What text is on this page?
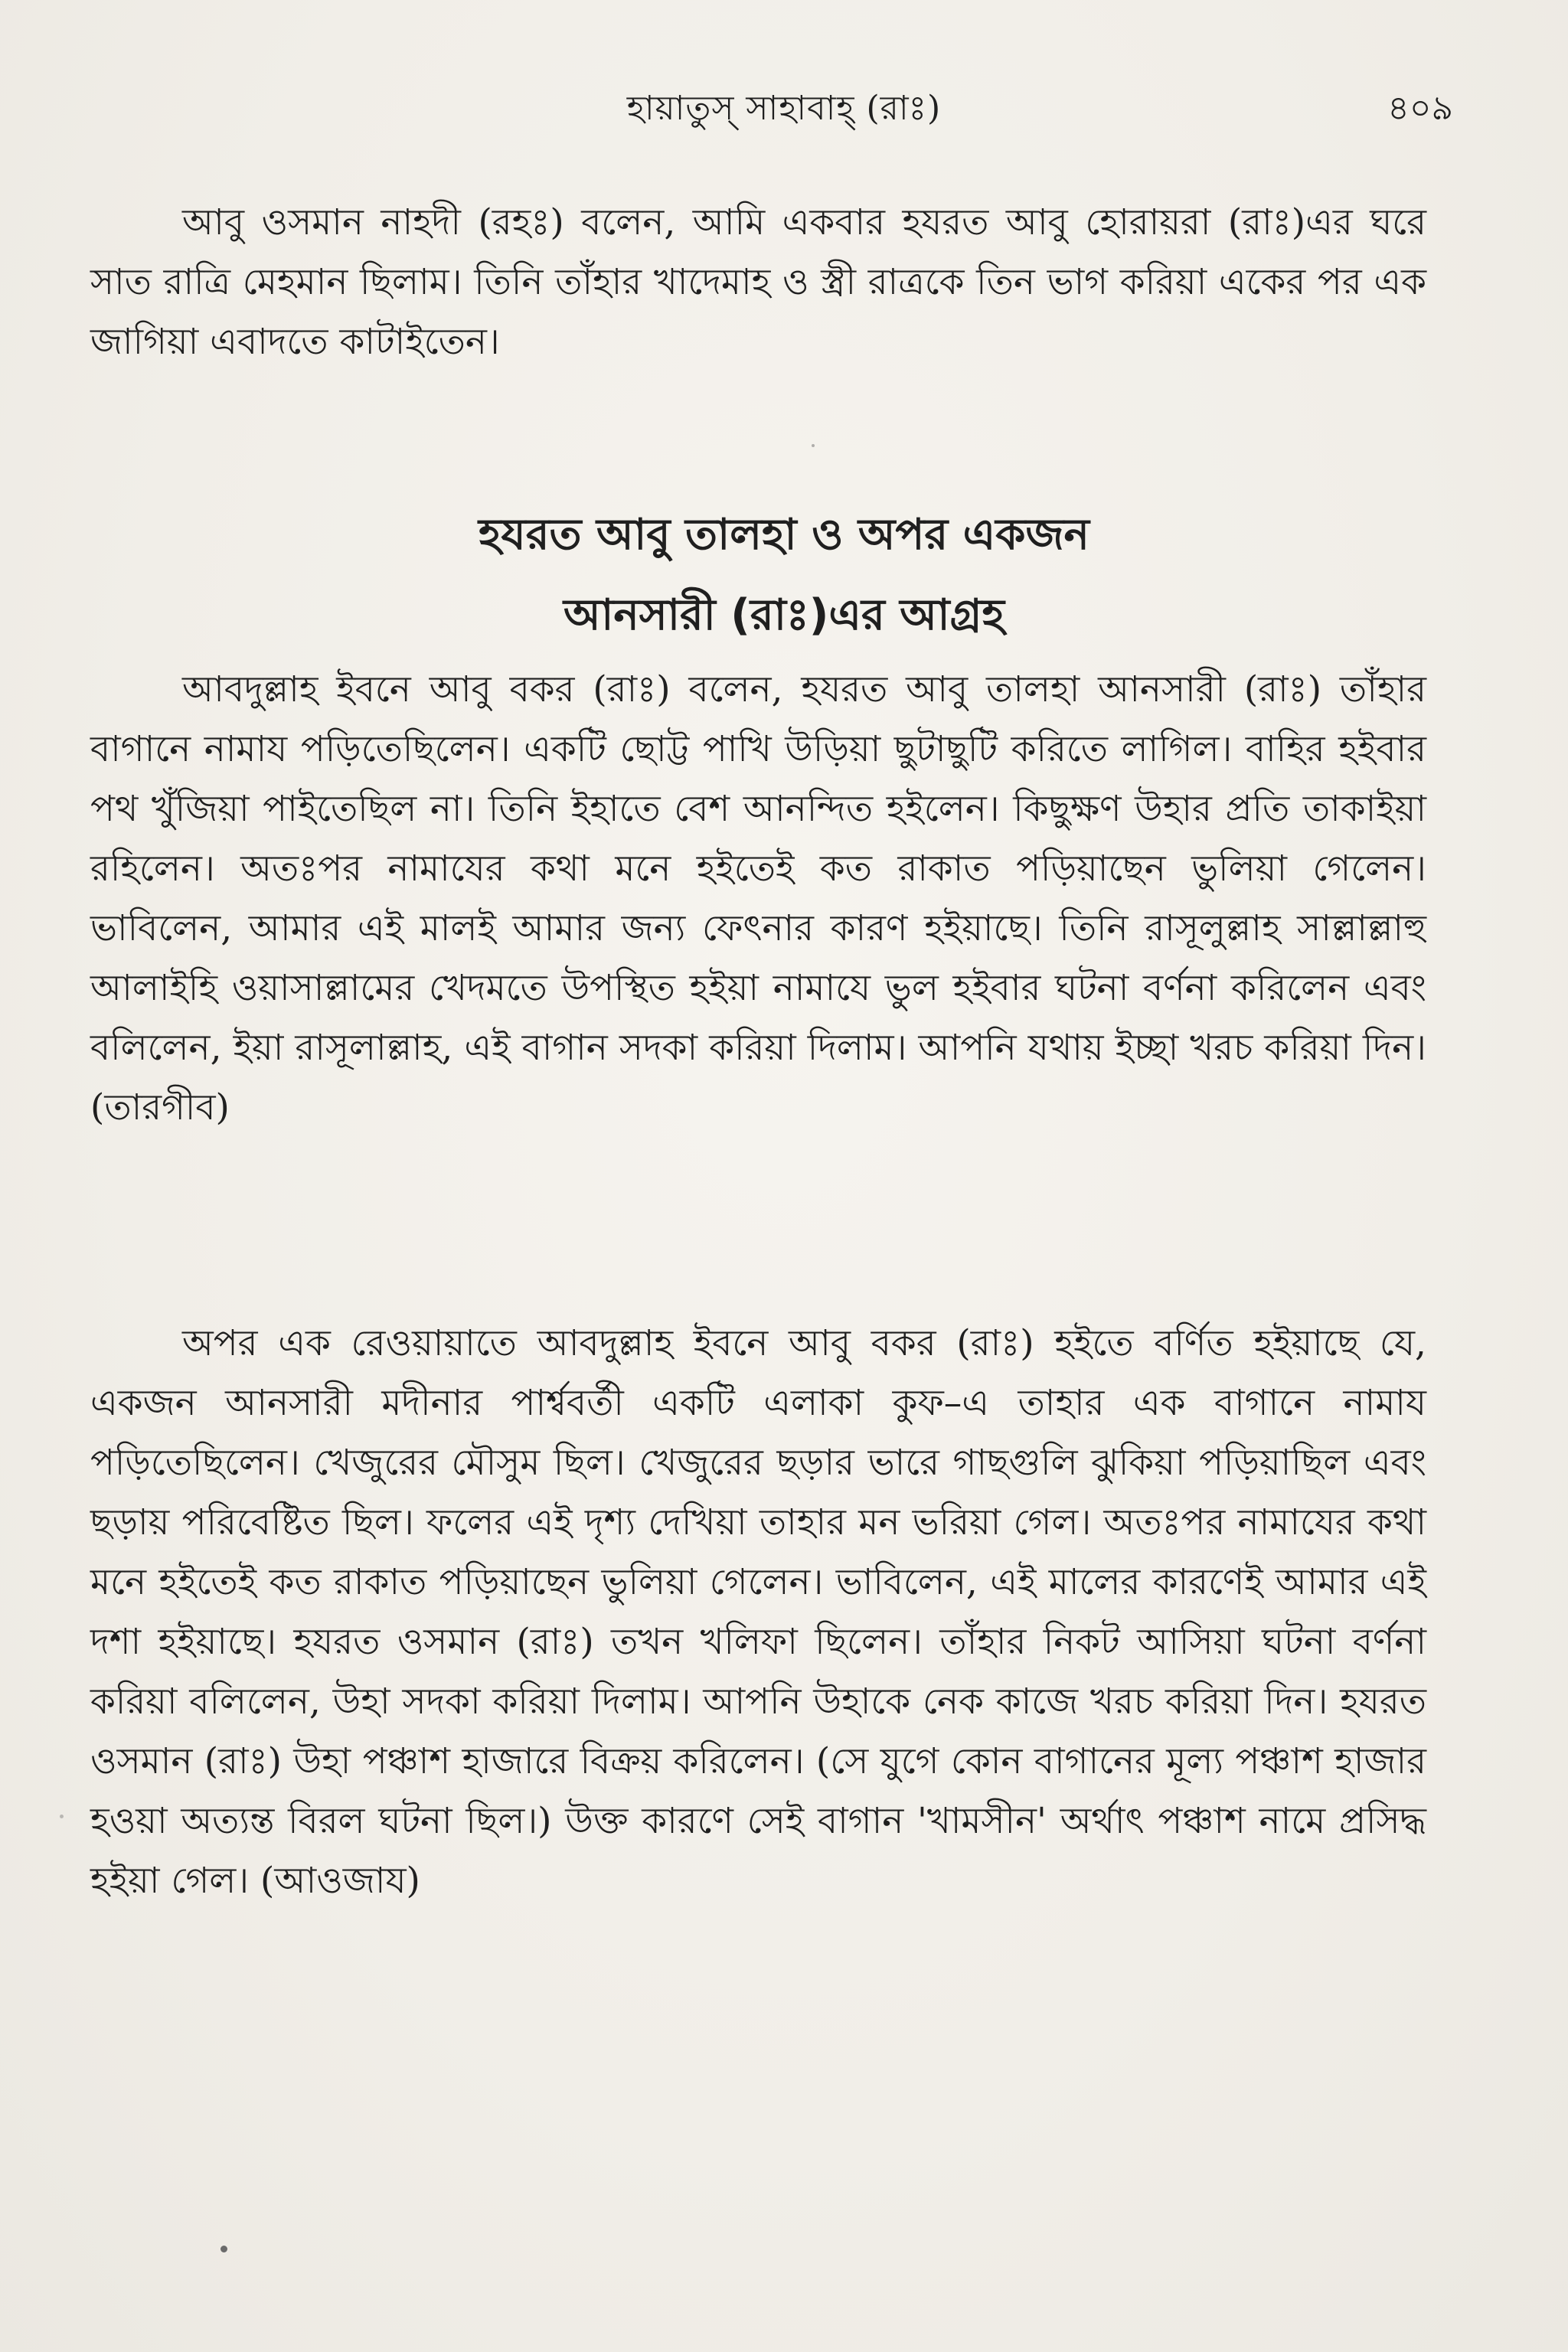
হায়াতুস্‌ সাহাবাহ্‌ (রাঃ)	৪০৯

আবু ওসমান নাহদী (রহঃ) বলেন, আমি একবার হযরত আবু হোরায়রা (রাঃ)এর ঘরে সাত রাত্রি মেহমান ছিলাম। তিনি তাঁহার খাদেমাহ ও স্ত্রী রাত্রকে তিন ভাগ করিয়া একের পর এক জাগিয়া এবাদতে কাটাইতেন।

হযরত আবু তালহা ও অপর একজন
আনসারী (রাঃ)এর আগ্রহ

আবদুল্লাহ ইবনে আবু বকর (রাঃ) বলেন, হযরত আবু তালহা আনসারী (রাঃ) তাঁহার বাগানে নামায পড়িতেছিলেন। একটি ছোট্ট পাখি উড়িয়া ছুটাছুটি করিতে লাগিল। বাহির হইবার পথ খুঁজিয়া পাইতেছিল না। তিনি ইহাতে বেশ আনন্দিত হইলেন। কিছুক্ষণ উহার প্রতি তাকাইয়া রহিলেন। অতঃপর নামাযের কথা মনে হইতেই কত রাকাত পড়িয়াছেন ভুলিয়া গেলেন। ভাবিলেন, আমার এই মালই আমার জন্য ফেৎনার কারণ হইয়াছে। তিনি রাসূলুল্লাহ সাল্লাল্লাহু আলাইহি ওয়াসাল্লামের খেদমতে উপস্থিত হইয়া নামাযে ভুল হইবার ঘটনা বর্ণনা করিলেন এবং বলিলেন, ইয়া রাসূলাল্লাহ, এই বাগান সদকা করিয়া দিলাম। আপনি যথায় ইচ্ছা খরচ করিয়া দিন। (তারগীব)

অপর এক রেওয়ায়াতে আবদুল্লাহ ইবনে আবু বকর (রাঃ) হইতে বর্ণিত হইয়াছে যে, একজন আনসারী মদীনার পার্শ্ববর্তী একটি এলাকা কুফ–এ তাহার এক বাগানে নামায পড়িতেছিলেন। খেজুরের মৌসুম ছিল। খেজুরের ছড়ার ভারে গাছগুলি ঝুকিয়া পড়িয়াছিল এবং ছড়ায় পরিবেষ্টিত ছিল। ফলের এই দৃশ্য দেখিয়া তাহার মন ভরিয়া গেল। অতঃপর নামাযের কথা মনে হইতেই কত রাকাত পড়িয়াছেন ভুলিয়া গেলেন। ভাবিলেন, এই মালের কারণেই আমার এই দশা হইয়াছে। হযরত ওসমান (রাঃ) তখন খলিফা ছিলেন। তাঁহার নিকট আসিয়া ঘটনা বর্ণনা করিয়া বলিলেন, উহা সদকা করিয়া দিলাম। আপনি উহাকে নেক কাজে খরচ করিয়া দিন। হযরত ওসমান (রাঃ) উহা পঞ্চাশ হাজারে বিক্রয় করিলেন। (সে যুগে কোন বাগানের মূল্য পঞ্চাশ হাজার হওয়া অত্যন্ত বিরল ঘটনা ছিল।) উক্ত কারণে সেই বাগান 'খামসীন' অর্থাৎ পঞ্চাশ নামে প্রসিদ্ধ হইয়া গেল। (আওজায)
